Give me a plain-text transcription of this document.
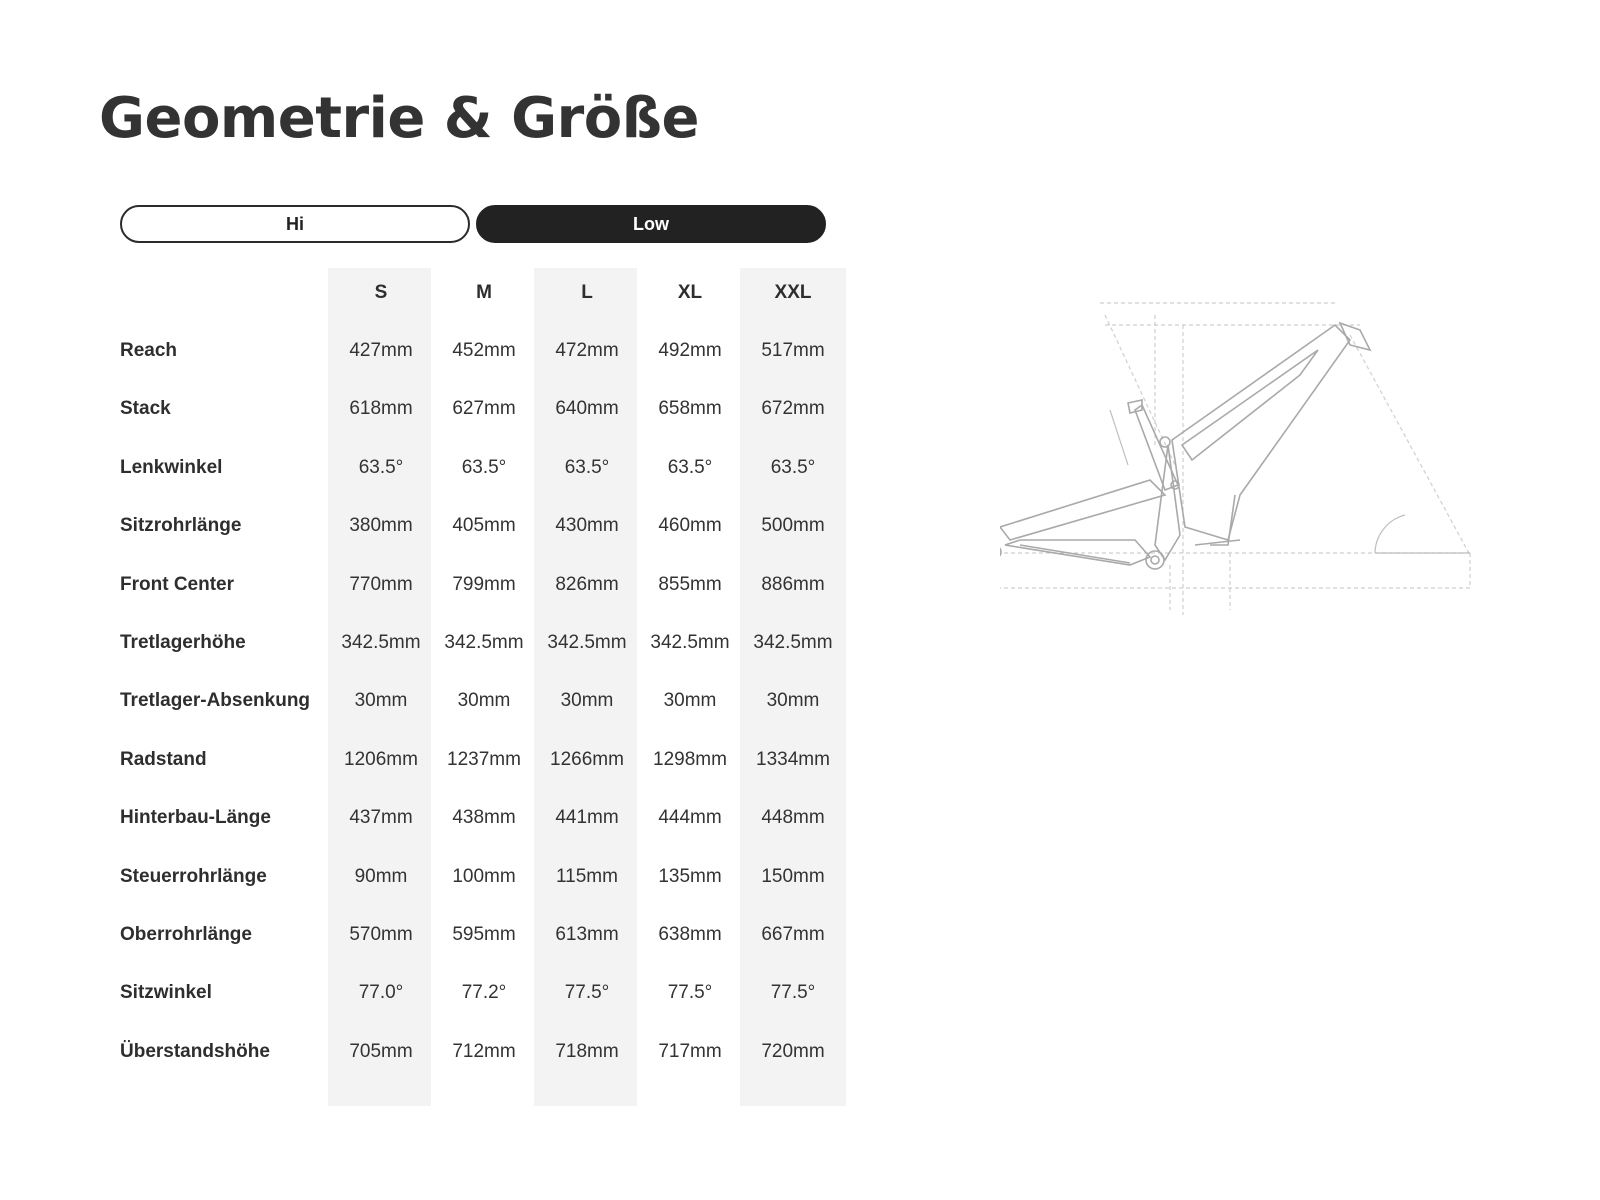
Geometrie & Größe
Hi	Low
S	M	L	XL	XXL
Reach	427mm	452mm	472mm	492mm	517mm
Stack	618mm	627mm	640mm	658mm	672mm
Lenkwinkel	63.5°	63.5°	63.5°	63.5°	63.5°
Sitzrohrlänge	380mm	405mm	430mm	460mm	500mm
Front Center	770mm	799mm	826mm	855mm	886mm
Tretlagerhöhe	342.5mm	342.5mm	342.5mm	342.5mm	342.5mm
Tretlager-Absenkung	30mm	30mm	30mm	30mm	30mm
Radstand	1206mm	1237mm	1266mm	1298mm	1334mm
Hinterbau-Länge	437mm	438mm	441mm	444mm	448mm
Steuerrohrlänge	90mm	100mm	115mm	135mm	150mm
Oberrohrlänge	570mm	595mm	613mm	638mm	667mm
Sitzwinkel	77.0°	77.2°	77.5°	77.5°	77.5°
Überstandshöhe	705mm	712mm	718mm	717mm	720mm
